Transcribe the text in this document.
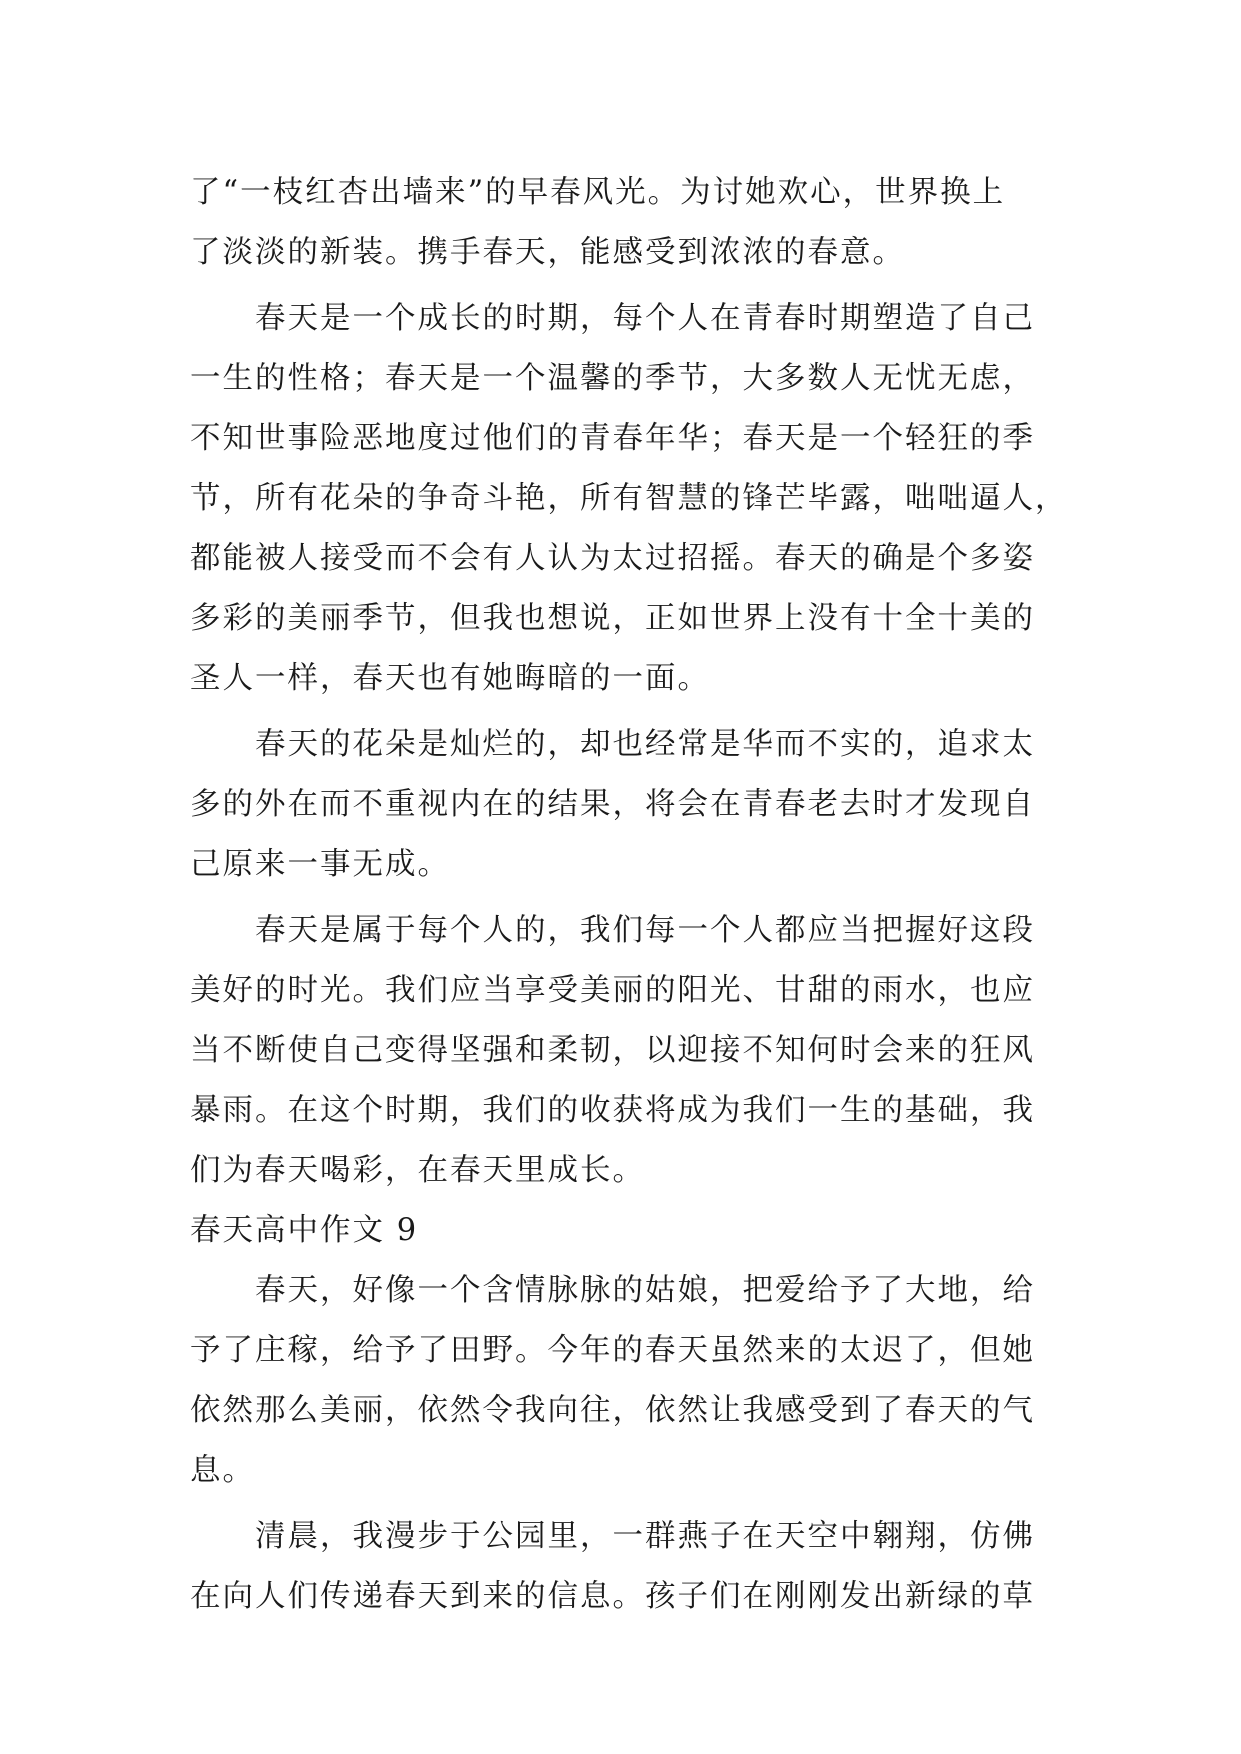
了“一枝红杏出墙来”的早春风光。为讨她欢心，世界换上
了淡淡的新装。携手春天，能感受到浓浓的春意。
春天是一个成长的时期，每个人在青春时期塑造了自己
一生的性格；春天是一个温馨的季节，大多数人无忧无虑，
不知世事险恶地度过他们的青春年华；春天是一个轻狂的季
节，所有花朵的争奇斗艳，所有智慧的锋芒毕露，咄咄逼人，
都能被人接受而不会有人认为太过招摇。春天的确是个多姿
多彩的美丽季节，但我也想说，正如世界上没有十全十美的
圣人一样，春天也有她晦暗的一面。
春天的花朵是灿烂的，却也经常是华而不实的，追求太
多的外在而不重视内在的结果，将会在青春老去时才发现自
己原来一事无成。
春天是属于每个人的，我们每一个人都应当把握好这段
美好的时光。我们应当享受美丽的阳光、甘甜的雨水，也应
当不断使自己变得坚强和柔韧，以迎接不知何时会来的狂风
暴雨。在这个时期，我们的收获将成为我们一生的基础，我
们为春天喝彩，在春天里成长。
春天高中作文 9
春天，好像一个含情脉脉的姑娘，把爱给予了大地，给
予了庄稼，给予了田野。今年的春天虽然来的太迟了，但她
依然那么美丽，依然令我向往，依然让我感受到了春天的气
息。
清晨，我漫步于公园里，一群燕子在天空中翱翔，仿佛
在向人们传递春天到来的信息。孩子们在刚刚发出新绿的草
